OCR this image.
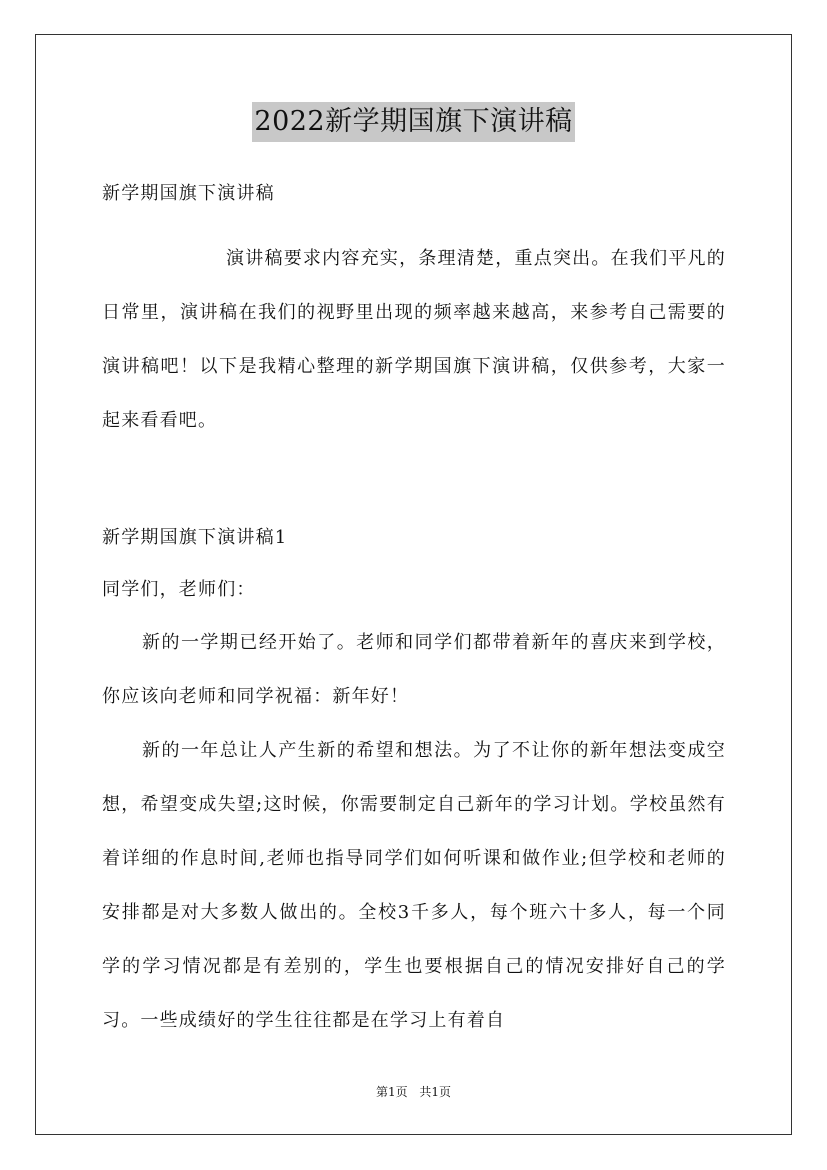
2022新学期国旗下演讲稿

新学期国旗下演讲稿

演讲稿要求内容充实，条理清楚，重点突出。在我们平凡的日常里，演讲稿在我们的视野里出现的频率越来越高，来参考自己需要的演讲稿吧！以下是我精心整理的新学期国旗下演讲稿，仅供参考，大家一起来看看吧。

新学期国旗下演讲稿1

同学们，老师们：

新的一学期已经开始了。老师和同学们都带着新年的喜庆来到学校，你应该向老师和同学祝福：新年好！

新的一年总让人产生新的希望和想法。为了不让你的新年想法变成空想，希望变成失望;这时候，你需要制定自己新年的学习计划。学校虽然有着详细的作息时间,老师也指导同学们如何听课和做作业;但学校和老师的安排都是对大多数人做出的。全校3千多人，每个班六十多人，每一个同学的学习情况都是有差别的，学生也要根据自己的情况安排好自己的学习。一些成绩好的学生往往都是在学习上有着自

第1页 共1页
